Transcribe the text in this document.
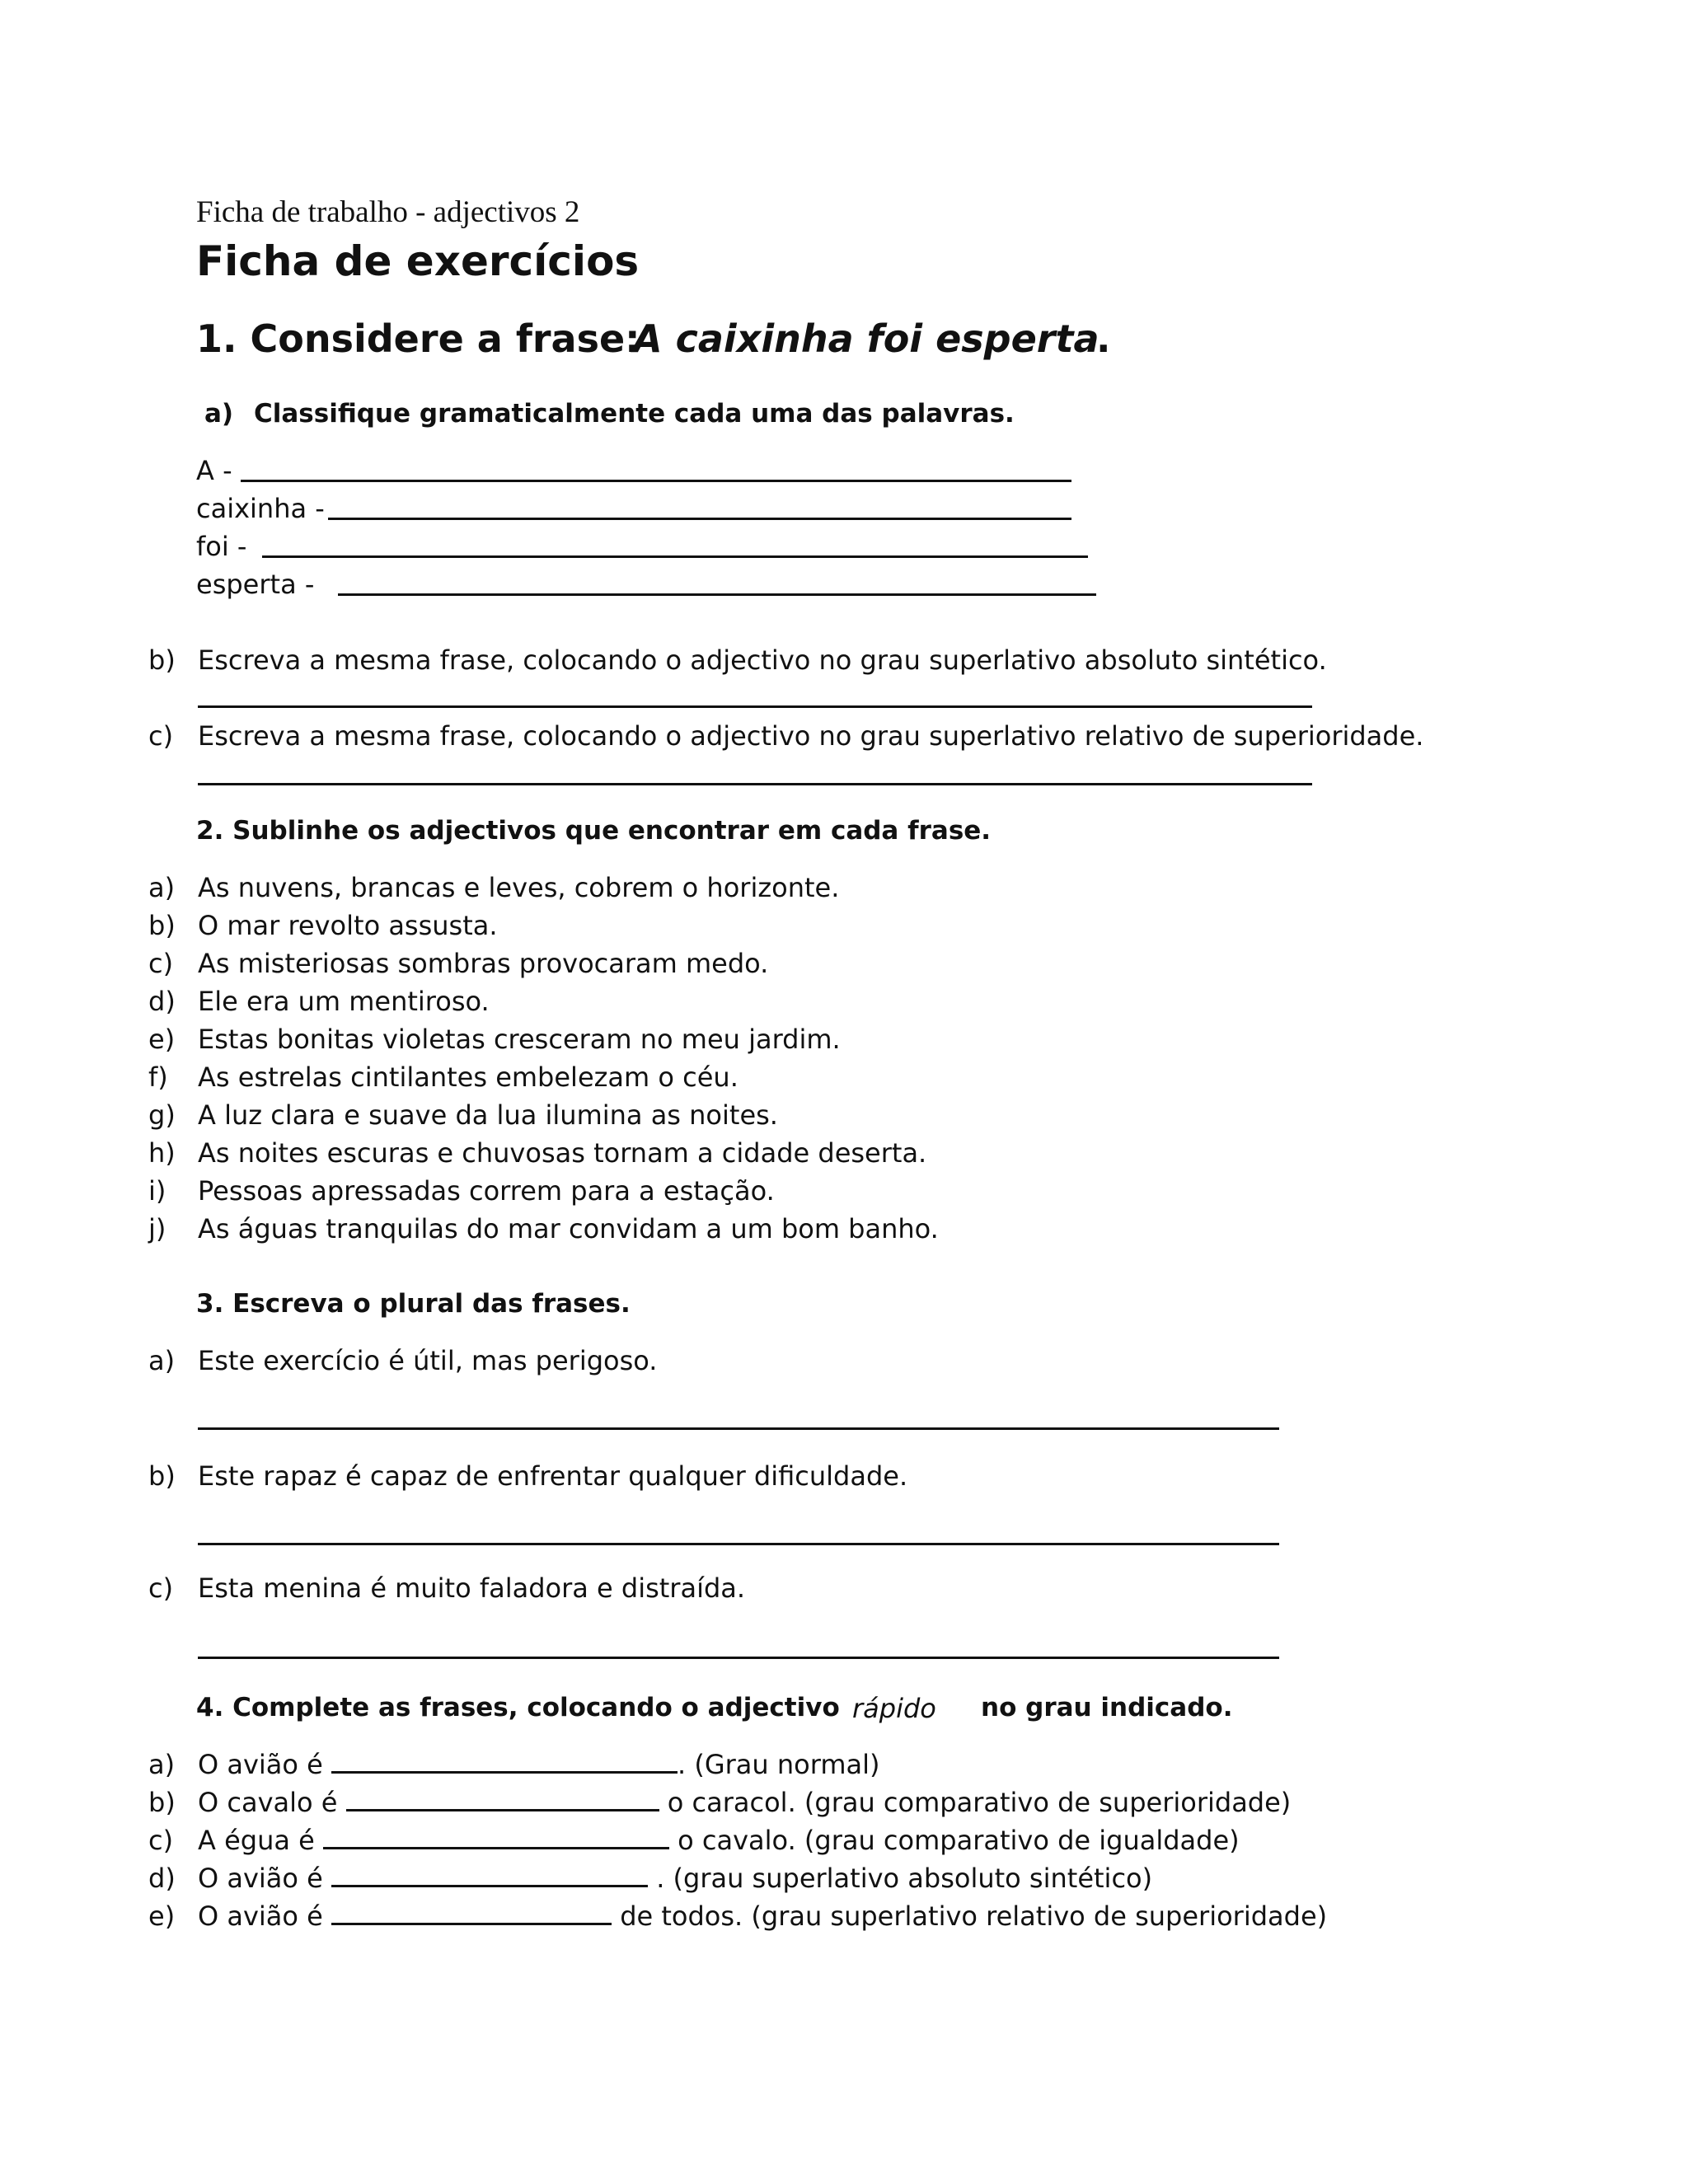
Ficha de trabalho - adjectivos 2
Ficha de exercícios
1. Considere a frase:
A caixinha foi esperta
.
a) Classifique gramaticalmente cada uma das palavras.
A -
caixinha -
foi -
esperta -
b) Escreva a mesma frase, colocando o adjectivo no grau superlativo absoluto sintético.
c) Escreva a mesma frase, colocando o adjectivo no grau superlativo relativo de superioridade.
2. Sublinhe os adjectivos que encontrar em cada frase.
a) As nuvens, brancas e leves, cobrem o horizonte.
b) O mar revolto assusta.
c) As misteriosas sombras provocaram medo.
d) Ele era um mentiroso.
e) Estas bonitas violetas cresceram no meu jardim.
f) As estrelas cintilantes embelezam o céu.
g) A luz clara e suave da lua ilumina as noites.
h) As noites escuras e chuvosas tornam a cidade deserta.
i) Pessoas apressadas correm para a estação.
j) As águas tranquilas do mar convidam a um bom banho.
3. Escreva o plural das frases.
a) Este exercício é útil, mas perigoso.
b) Este rapaz é capaz de enfrentar qualquer dificuldade.
c) Esta menina é muito faladora e distraída.
4. Complete as frases, colocando o adjectivo rápido no grau indicado.
a) O avião é	. (Grau normal)
b) O cavalo é	o caracol. (grau comparativo de superioridade)
c) A égua é	o cavalo. (grau comparativo de igualdade)
d) O avião é	. (grau superlativo absoluto sintético)
e) O avião é	de todos. (grau superlativo relativo de superioridade)
